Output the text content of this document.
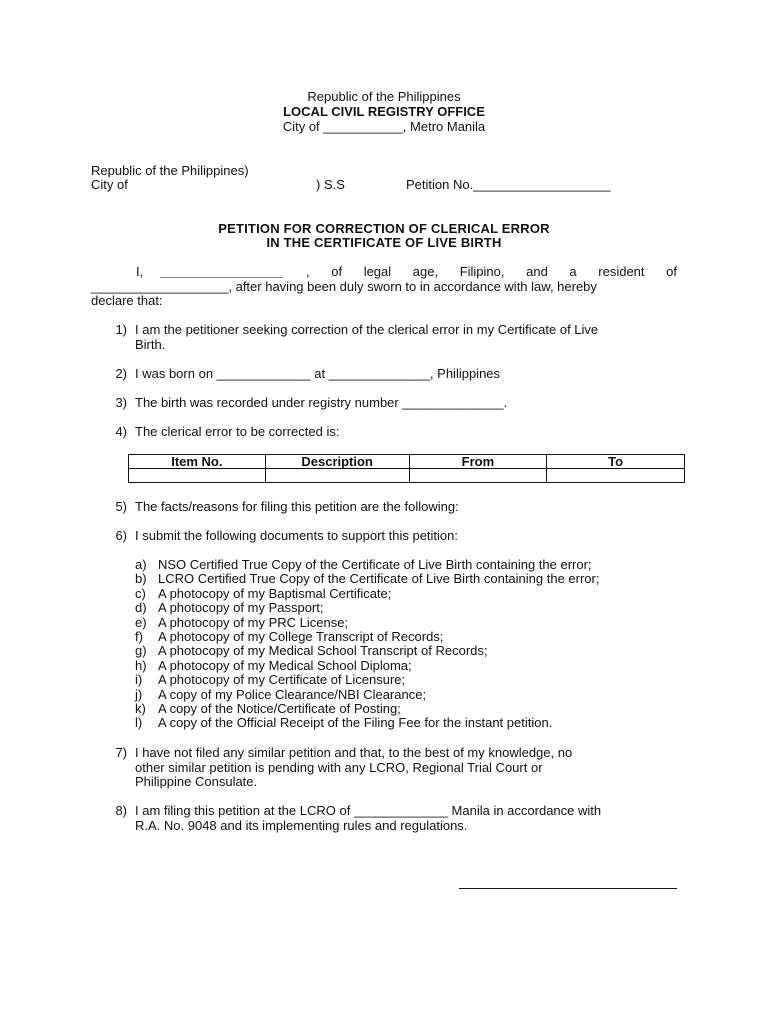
Republic of the Philippines
LOCAL CIVIL REGISTRY OFFICE
City of ___________, Metro Manila
Republic of the Philippines)
City of	) S.S	Petition No.___________________
PETITION FOR CORRECTION OF CLERICAL ERROR
IN THE CERTIFICATE OF LIVE BIRTH
I, _________________ , of legal age, Filipino, and a resident of
___________________, after having been duly sworn to in accordance with law, hereby
declare that:
1) I am the petitioner seeking correction of the clerical error in my Certificate of Live
Birth.
2) I was born on _____________ at ______________, Philippines
3) The birth was recorded under registry number ______________.
4) The clerical error to be corrected is:
Item No.	Description	From	To

5) The facts/reasons for filing this petition are the following:
6) I submit the following documents to support this petition:
a) NSO Certified True Copy of the Certificate of Live Birth containing the error;
b) LCRO Certified True Copy of the Certificate of Live Birth containing the error;
c) A photocopy of my Baptismal Certificate;
d) A photocopy of my Passport;
e) A photocopy of my PRC License;
f)	A photocopy of my College Transcript of Records;
g) A photocopy of my Medical School Transcript of Records;
h) A photocopy of my Medical School Diploma;
i)	A photocopy of my Certificate of Licensure;
j)	A copy of my Police Clearance/NBI Clearance;
k) A copy of the Notice/Certificate of Posting;
l)	A copy of the Official Receipt of the Filing Fee for the instant petition.
7) I have not filed any similar petition and that, to the best of my knowledge, no
other similar petition is pending with any LCRO, Regional Trial Court or
Philippine Consulate.
8) I am filing this petition at the LCRO of _____________ Manila in accordance with
R.A. No. 9048 and its implementing rules and regulations.
